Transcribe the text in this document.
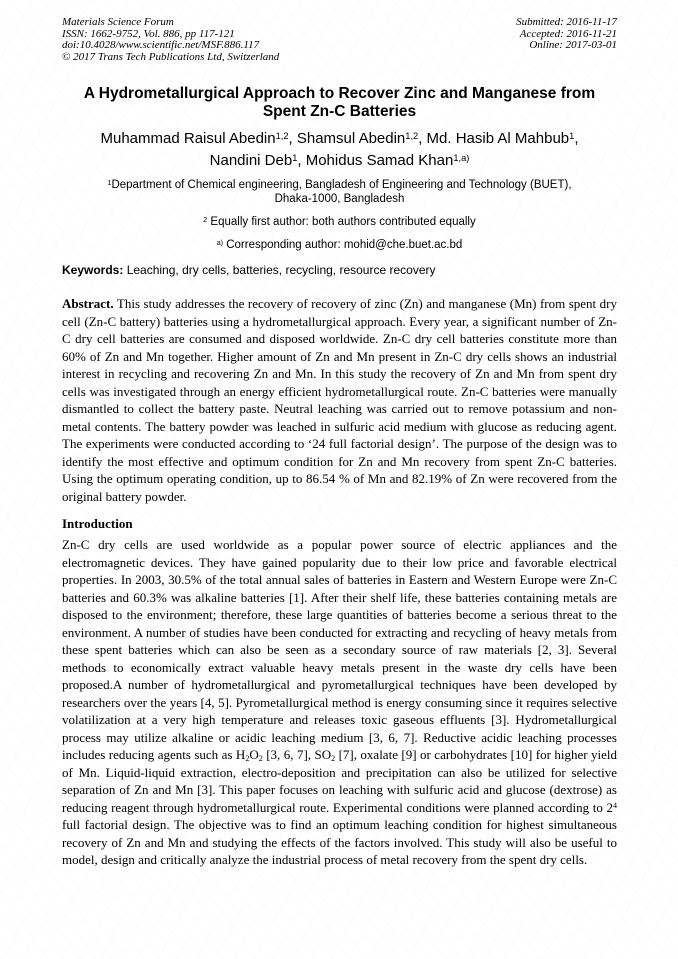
Materials Science Forum
ISSN: 1662-9752, Vol. 886, pp 117-121
doi:10.4028/www.scientific.net/MSF.886.117
© 2017 Trans Tech Publications Ltd, Switzerland
Submitted: 2016-11-17
Accepted: 2016-11-21
Online: 2017-03-01
A Hydrometallurgical Approach to Recover Zinc and Manganese from
Spent Zn-C Batteries
Muhammad Raisul Abedin$^{1,2}$, Shamsul Abedin$^{1,2}$, Md. Hasib Al Mahbub$^1$,
Nandini Deb$^1$, Mohidus Samad Khan$^{1,a)}$
$^1$Department of Chemical engineering, Bangladesh of Engineering and Technology (BUET),
Dhaka-1000, Bangladesh
$^2$ Equally first author: both authors contributed equally
$^{a)}$ Corresponding author: mohid@che.buet.ac.bd
Keywords: Leaching, dry cells, batteries, recycling, resource recovery

Abstract. This study addresses the recovery of recovery of zinc (Zn) and manganese (Mn) from spent dry cell (Zn-C battery) batteries using a hydrometallurgical approach. Every year, a significant number of Zn-C dry cell batteries are consumed and disposed worldwide. Zn-C dry cell batteries constitute more than 60% of Zn and Mn together. Higher amount of Zn and Mn present in Zn-C dry cells shows an industrial interest in recycling and recovering Zn and Mn. In this study the recovery of Zn and Mn from spent dry cells was investigated through an energy efficient hydrometallurgical route. Zn-C batteries were manually dismantled to collect the battery paste. Neutral leaching was carried out to remove potassium and non-metal contents. The battery powder was leached in sulfuric acid medium with glucose as reducing agent. The experiments were conducted according to ‘24 full factorial design’. The purpose of the design was to identify the most effective and optimum condition for Zn and Mn recovery from spent Zn-C batteries. Using the optimum operating condition, up to 86.54 % of Mn and 82.19% of Zn were recovered from the original battery powder.

Introduction

Zn-C dry cells are used worldwide as a popular power source of electric appliances and the electromagnetic devices. They have gained popularity due to their low price and favorable electrical properties. In 2003, 30.5% of the total annual sales of batteries in Eastern and Western Europe were Zn-C batteries and 60.3% was alkaline batteries [1]. After their shelf life, these batteries containing metals are disposed to the environment; therefore, these large quantities of batteries become a serious threat to the environment. A number of studies have been conducted for extracting and recycling of heavy metals from these spent batteries which can also be seen as a secondary source of raw materials [2, 3]. Several methods to economically extract valuable heavy metals present in the waste dry cells have been proposed.A number of hydrometallurgical and pyrometallurgical techniques have been developed by researchers over the years [4, 5]. Pyrometallurgical method is energy consuming since it requires selective volatilization at a very high temperature and releases toxic gaseous effluents [3]. Hydrometallurgical process may utilize alkaline or acidic leaching medium [3, 6, 7]. Reductive acidic leaching processes includes reducing agents such as $H_2O_2$ [3, 6, 7], $SO_2$ [7], oxalate [9] or carbohydrates [10] for higher yield of Mn. Liquid-liquid extraction, electro-deposition and precipitation can also be utilized for selective separation of Zn and Mn [3]. This paper focuses on leaching with sulfuric acid and glucose (dextrose) as reducing reagent through hydrometallurgical route. Experimental conditions were planned according to $2^4$ full factorial design. The objective was to find an optimum leaching condition for highest simultaneous recovery of Zn and Mn and studying the effects of the factors involved. This study will also be useful to model, design and critically analyze the industrial process of metal recovery from the spent dry cells.
